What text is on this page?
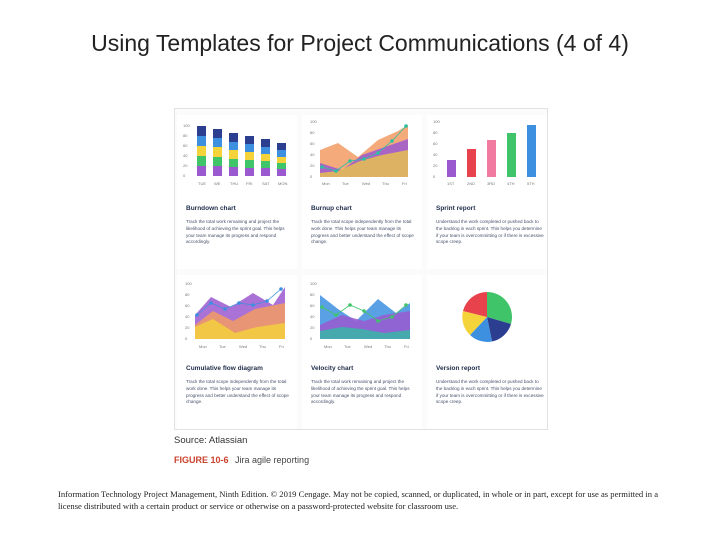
Using Templates for Project Communications (4 of 4)
100
80
60
40
20
0
TUE WE THU FRI SAT MON
Burndown chart
Track the total work remaining and project the likelihood of achieving the sprint goal. This helps your team manage its progress and respond accordingly.
100
80
60
40
20
0
Mon	Tue	Wed	Thu	Fri
Burnup chart
Track the total scope independently from the total work done. This helps your team manage its progress and better understand the effect of scope change.
100
80
60
40
20
0
1ST	2ND	3RD	4TH	5TH
Sprint report
Understand the work completed or pushed back to the backlog in each sprint. This helps you determine if your team is overcommitting or if there is excessive scope creep.
100
80
60
40
20
0
Mon	Tue	Wed	Thu	Fri
Cumulative flow diagram
Track the total scope independently from the total work done. This helps your team manage its progress and better understand the effect of scope change.
100
80
60
40
20
0
Mon	Tue	Wed	Thu	Fri
Velocity chart
Track the total work remaining and project the likelihood of achieving the sprint goal. This helps your team manage its progress and respond accordingly.
Version report
Understand the work completed or pushed back to the backlog in each sprint. This helps you determine if your team is overcommitting or if there is excessive scope creep.
Source: Atlassian
FIGURE 10-6 Jira agile reporting
Information Technology Project Management, Ninth Edition. © 2019 Cengage. May not be copied, scanned, or duplicated, in whole or in part, except for use as permitted in a license distributed with a certain product or service or otherwise on a password-protected website for classroom use.
